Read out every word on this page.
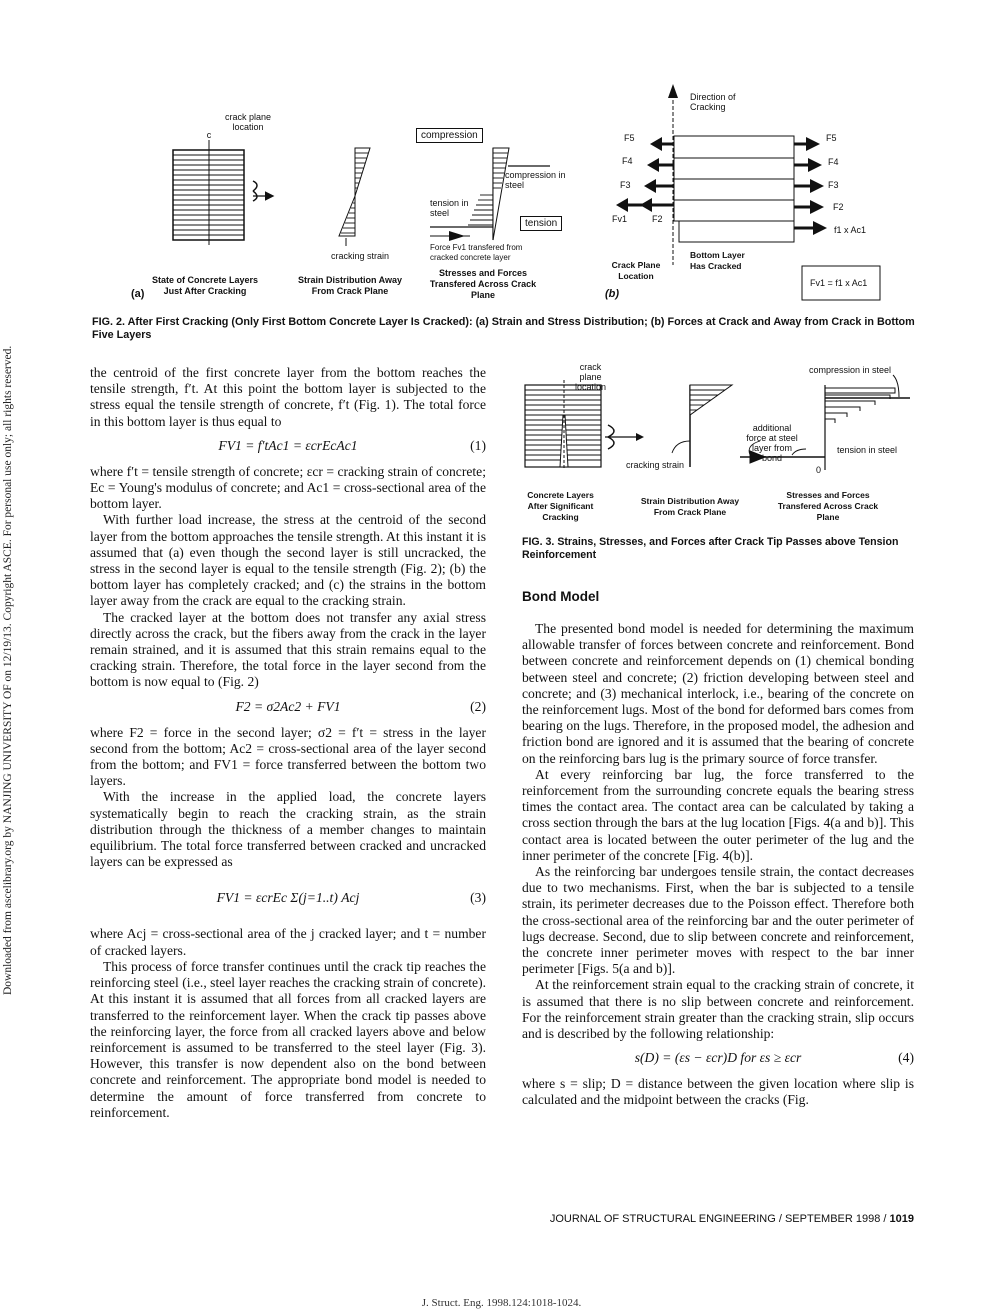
Downloaded from ascelibrary.org by NANJING UNIVERSITY OF on 12/19/13. Copyright ASCE. For personal use only; all rights reserved.
crack plane location
c
State of Concrete Layers Just After Cracking
(a)
cracking strain
Strain Distribution Away From Crack Plane
compression
compression in steel
tension in steel
tension
Force Fv1 transfered from cracked concrete layer
Stresses and Forces Transfered Across Crack Plane
Direction of Cracking
F5
F4
F3
F2
Fv1
F5
F4
F3
F2
f1 x Ac1
Crack Plane Location
Bottom Layer Has Cracked
Fv1 = f1 x Ac1
(b)
FIG. 2. After First Cracking (Only First Bottom Concrete Layer Is Cracked): (a) Strain and Stress Distribution; (b) Forces at Crack and Away from Crack in Bottom Five Layers
crack plane location
cracking strain
compression in steel
additional force at steel layer from bond
tension in steel
0
Concrete Layers After Significant Cracking
Strain Distribution Away From Crack Plane
Stresses and Forces Transfered Across Crack Plane
FIG. 3. Strains, Stresses, and Forces after Crack Tip Passes above Tension Reinforcement

the centroid of the first concrete layer from the bottom reaches the tensile strength, f′t. At this point the bottom layer is subjected to the stress equal the tensile strength of concrete, f′t (Fig. 1). The total force in this bottom layer is thus equal to

FV1 = f′tAc1 = εcrEcAc1	(1)

where f′t = tensile strength of concrete; εcr = cracking strain of concrete; Ec = Young's modulus of concrete; and Ac1 = cross-sectional area of the bottom layer.

With further load increase, the stress at the centroid of the second layer from the bottom approaches the tensile strength. At this instant it is assumed that (a) even though the second layer is still uncracked, the stress in the second layer is equal to the tensile strength (Fig. 2); (b) the bottom layer has completely cracked; and (c) the strains in the bottom layer away from the crack are equal to the cracking strain.

The cracked layer at the bottom does not transfer any axial stress directly across the crack, but the fibers away from the crack in the layer remain strained, and it is assumed that this strain remains equal to the cracking strain. Therefore, the total force in the layer second from the bottom is now equal to (Fig. 2)

F2 = σ2Ac2 + FV1	(2)

where F2 = force in the second layer; σ2 = f′t = stress in the layer second from the bottom; Ac2 = cross-sectional area of the layer second from the bottom; and FV1 = force transferred between the bottom two layers.

With the increase in the applied load, the concrete layers systematically begin to reach the cracking strain, as the strain distribution through the thickness of a member changes to maintain equilibrium. The total force transferred between cracked and uncracked layers can be expressed as

FV1 = εcrEc Σ(j=1..t) Acj	(3)

where Acj = cross-sectional area of the j cracked layer; and t = number of cracked layers.

This process of force transfer continues until the crack tip reaches the reinforcing steel (i.e., steel layer reaches the cracking strain of concrete). At this instant it is assumed that all forces from all cracked layers are transferred to the reinforcement layer. When the crack tip passes above the reinforcing layer, the force from all cracked layers above and below reinforcement is assumed to be transferred to the steel layer (Fig. 3). However, this transfer is now dependent also on the bond between concrete and reinforcement. The appropriate bond model is needed to determine the amount of force transferred from concrete to reinforcement.

Bond Model

The presented bond model is needed for determining the maximum allowable transfer of forces between concrete and reinforcement. Bond between concrete and reinforcement depends on (1) chemical bonding between steel and concrete; (2) friction developing between steel and concrete; and (3) mechanical interlock, i.e., bearing of the concrete on the reinforcement lugs. Most of the bond for deformed bars comes from bearing on the lugs. Therefore, in the proposed model, the adhesion and friction bond are ignored and it is assumed that the bearing of concrete on the reinforcing bars lug is the primary source of force transfer.

At every reinforcing bar lug, the force transferred to the reinforcement from the surrounding concrete equals the bearing stress times the contact area. The contact area can be calculated by taking a cross section through the bars at the lug location [Figs. 4(a and b)]. This contact area is located between the outer perimeter of the lug and the inner perimeter of the concrete [Fig. 4(b)].

As the reinforcing bar undergoes tensile strain, the contact decreases due to two mechanisms. First, when the bar is subjected to a tensile strain, its perimeter decreases due to the Poisson effect. Therefore both the cross-sectional area of the reinforcing bar and the outer perimeter of lugs decrease. Second, due to slip between concrete and reinforcement, the concrete inner perimeter moves with respect to the bar inner perimeter [Figs. 5(a and b)].

At the reinforcement strain equal to the cracking strain of concrete, it is assumed that there is no slip between concrete and reinforcement. For the reinforcement strain greater than the cracking strain, slip occurs and is described by the following relationship:

s(D) = (εs − εcr)D for εs ≥ εcr	(4)

where s = slip; D = distance between the given location where slip is calculated and the midpoint between the cracks (Fig.

JOURNAL OF STRUCTURAL ENGINEERING / SEPTEMBER 1998 / 1019
J. Struct. Eng. 1998.124:1018-1024.
